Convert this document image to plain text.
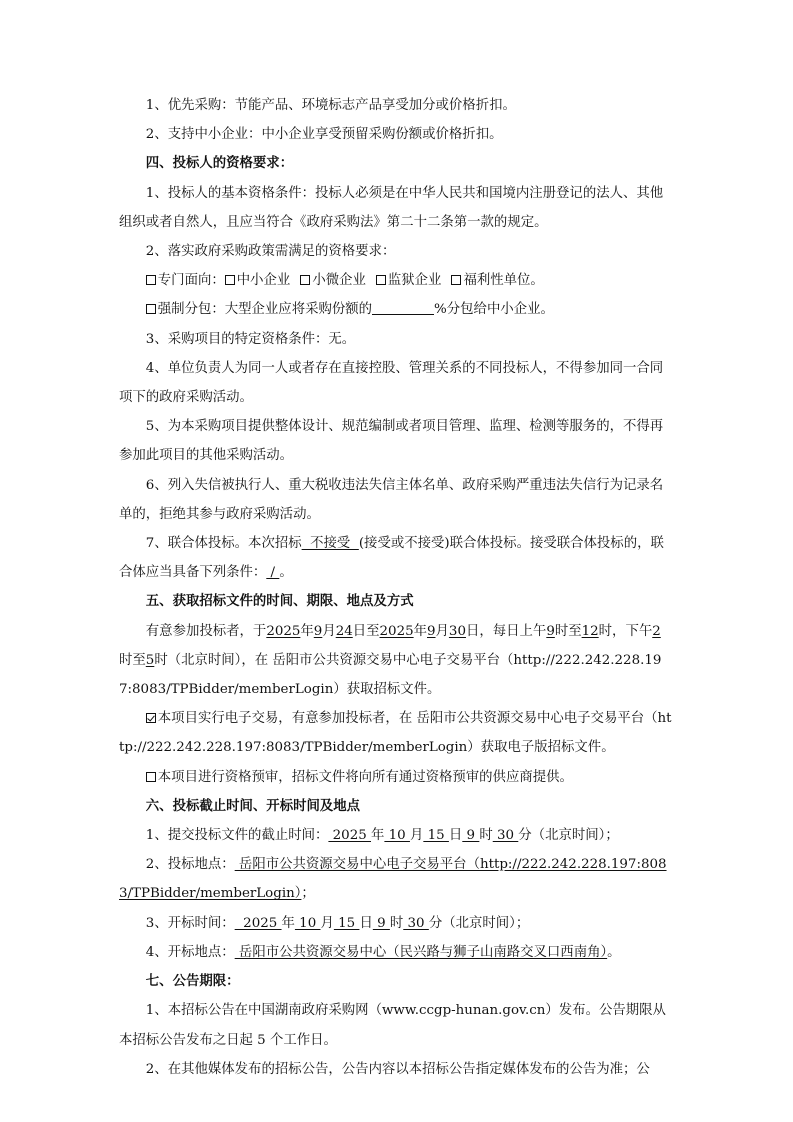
1、优先采购：节能产品、环境标志产品享受加分或价格折扣。

2、支持中小企业：中小企业享受预留采购份额或价格折扣。

四、投标人的资格要求：

1、投标人的基本资格条件：投标人必须是在中华人民共和国境内注册登记的法人、其他组织或者自然人，且应当符合《政府采购法》第二十二条第一款的规定。

2、落实政府采购政策需满足的资格要求：

专门面向： 中小企业 小微企业 监狱企业 福利性单位。

强制分包：大型企业应将采购份额的	%分包给中小企业。

3、采购项目的特定资格条件：无。

4、单位负责人为同一人或者存在直接控股、管理关系的不同投标人，不得参加同一合同项下的政府采购活动。

5、为本采购项目提供整体设计、规范编制或者项目管理、监理、检测等服务的，不得再参加此项目的其他采购活动。

6、列入失信被执行人、重大税收违法失信主体名单、政府采购严重违法失信行为记录名单的，拒绝其参与政府采购活动。

7、联合体投标。本次招标  不接受  (接受或不接受)联合体投标。接受联合体投标的，联合体应当具备下列条件： / 。

五、获取招标文件的时间、期限、地点及方式

有意参加投标者，于2025年9月24日至2025年9月30日，每日上午9时至12时，下午2时至5时（北京时间），在 岳阳市公共资源交易中心电子交易平台（http://222.242.228.197:8083/TPBidder/memberLogin）获取招标文件。

本项目实行电子交易，有意参加投标者，在 岳阳市公共资源交易中心电子交易平台（http://222.242.228.197:8083/TPBidder/memberLogin）获取电子版招标文件。

本项目进行资格预审，招标文件将向所有通过资格预审的供应商提供。

六、投标截止时间、开标时间及地点

1、提交投标文件的截止时间： 2025 年 10 月 15 日 9 时 30 分（北京时间）；

2、投标地点： 岳阳市公共资源交易中心电子交易平台（http://222.242.228.197:8083/TPBidder/memberLogin）；

3、开标时间：  2025 年 10 月 15 日 9 时 30 分（北京时间）；

4、开标地点： 岳阳市公共资源交易中心（民兴路与狮子山南路交叉口西南角）。

七、公告期限：

1、本招标公告在中国湖南政府采购网（www.ccgp-hunan.gov.cn）发布。公告期限从本招标公告发布之日起 5 个工作日。

2、在其他媒体发布的招标公告，公告内容以本招标公告指定媒体发布的公告为准；公
